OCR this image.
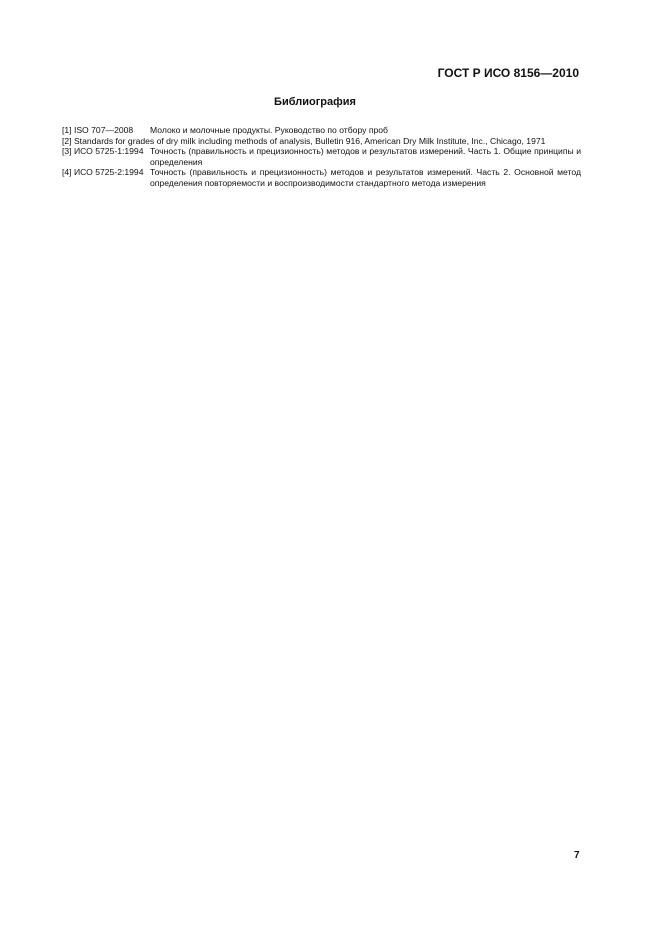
ГОСТ Р ИСО 8156—2010
Библиография
[1] ISO 707—2008	Молоко и молочные продукты. Руководство по отбору проб
[2] Standards for grades of dry milk including methods of analysis, Bulletin 916, American Dry Milk Institute, Inc., Chicago, 1971
[3] ИСО 5725-1:1994 Точность (правильность и прецизионность) методов и результатов измерений. Часть 1. Общие принципы и определения
[4] ИСО 5725-2:1994 Точность (правильность и прецизионность) методов и результатов измерений. Часть 2. Основной метод определения повторяемости и воспроизводимости стандартного метода измерения
7
